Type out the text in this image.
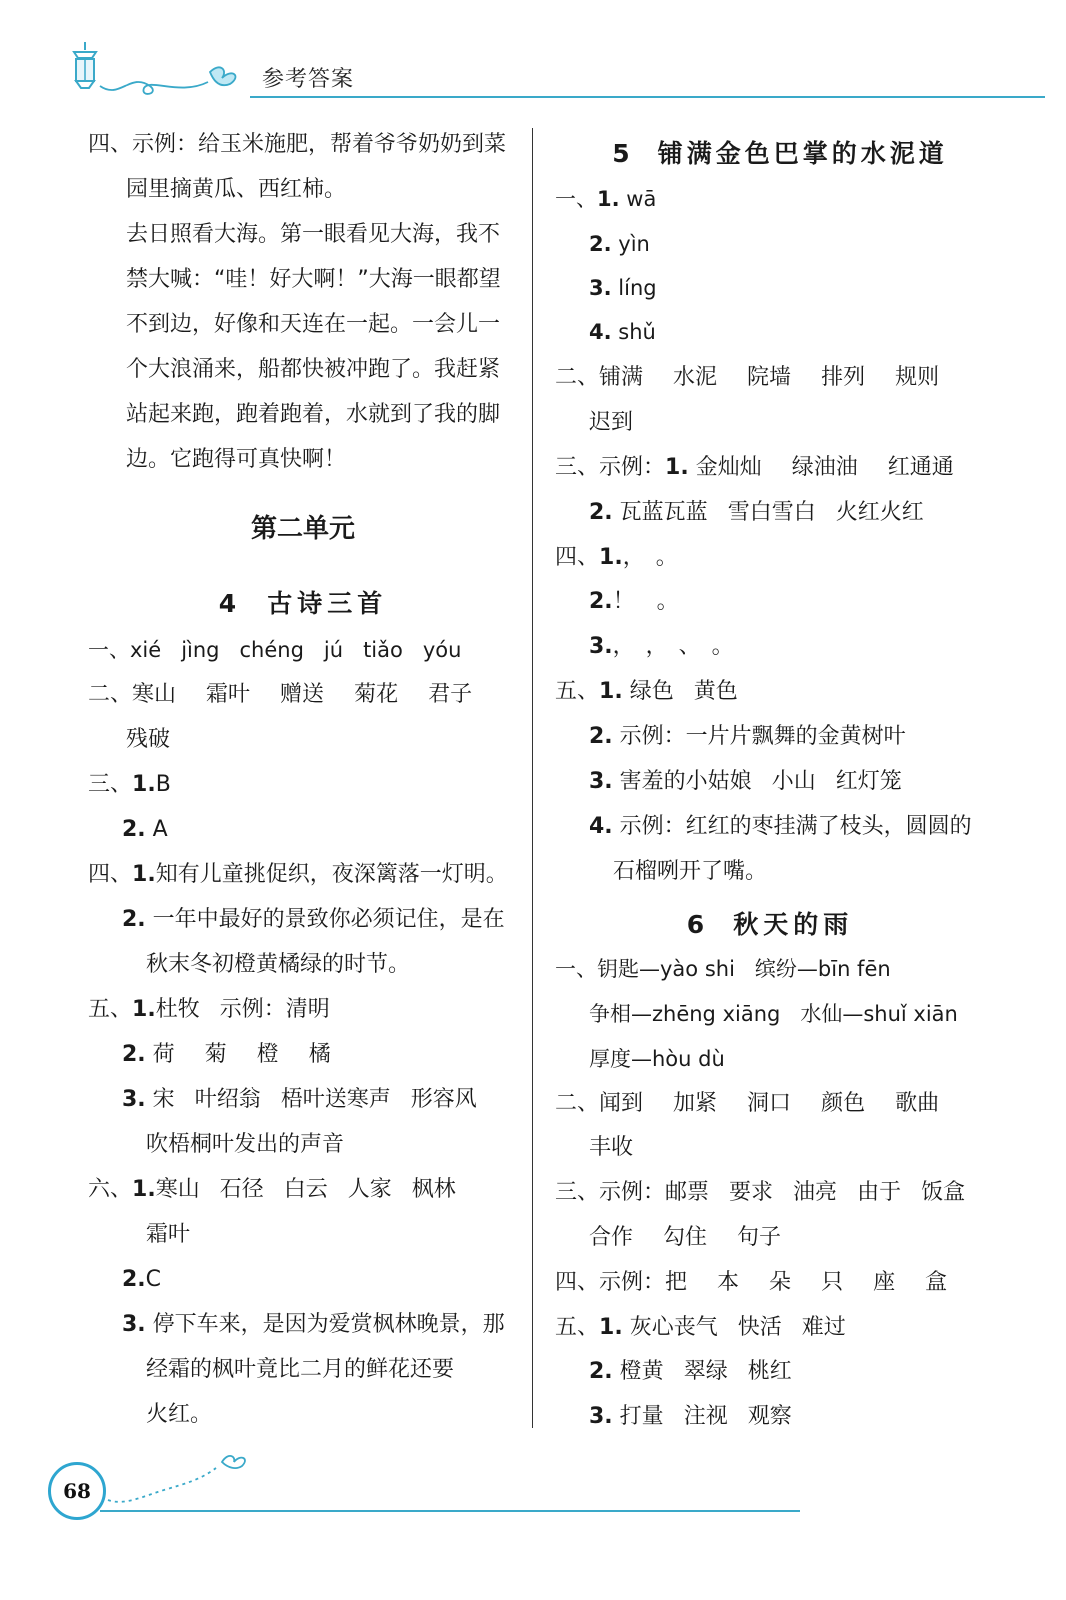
参考答案
四、示例：给玉米施肥，帮着爷爷奶奶到菜
园里摘黄瓜、西红柿。
去日照看大海。第一眼看见大海，我不
禁大喊：“哇！好大啊！”大海一眼都望
不到边，好像和天连在一起。一会儿一
个大浪涌来，船都快被冲跑了。我赶紧
站起来跑，跑着跑着，水就到了我的脚
边。它跑得可真快啊！
第二单元
4 古诗三首
一、xié jìng chéng jú tiǎo yóu
二、寒山 霜叶 赠送 菊花 君子
残破
三、1.B
2. A
四、1.知有儿童挑促织，夜深篱落一灯明。
2. 一年中最好的景致你必须记住，是在
秋末冬初橙黄橘绿的时节。
五、1.杜牧 示例：清明
2. 荷 菊 橙 橘
3. 宋 叶绍翁 梧叶送寒声 形容风
吹梧桐叶发出的声音
六、1.寒山 石径 白云 人家 枫林
霜叶
2.C
3. 停下车来，是因为爱赏枫林晚景，那
经霜的枫叶竟比二月的鲜花还要
火红。
5 铺满金色巴掌的水泥道
一、1. wā
2. yìn
3. líng
4. shǔ
二、铺满 水泥 院墙 排列 规则
迟到
三、示例：1. 金灿灿 绿油油 红通通
2. 瓦蓝瓦蓝 雪白雪白 火红火红
四、1.，　。
2.！　。
3.，　，　、　。
五、1. 绿色 黄色
2. 示例：一片片飘舞的金黄树叶
3. 害羞的小姑娘 小山 红灯笼
4. 示例：红红的枣挂满了枝头，圆圆的
石榴咧开了嘴。
6 秋天的雨
一、钥匙—yào shi 缤纷—bīn fēn
争相—zhēng xiāng 水仙—shuǐ xiān
厚度—hòu dù
二、闻到 加紧 洞口 颜色 歌曲
丰收
三、示例：邮票 要求 油亮 由于 饭盒
合作 勾住 句子
四、示例：把 本 朵 只 座 盒
五、1. 灰心丧气 快活 难过
2. 橙黄 翠绿 桃红
3. 打量 注视 观察
68
